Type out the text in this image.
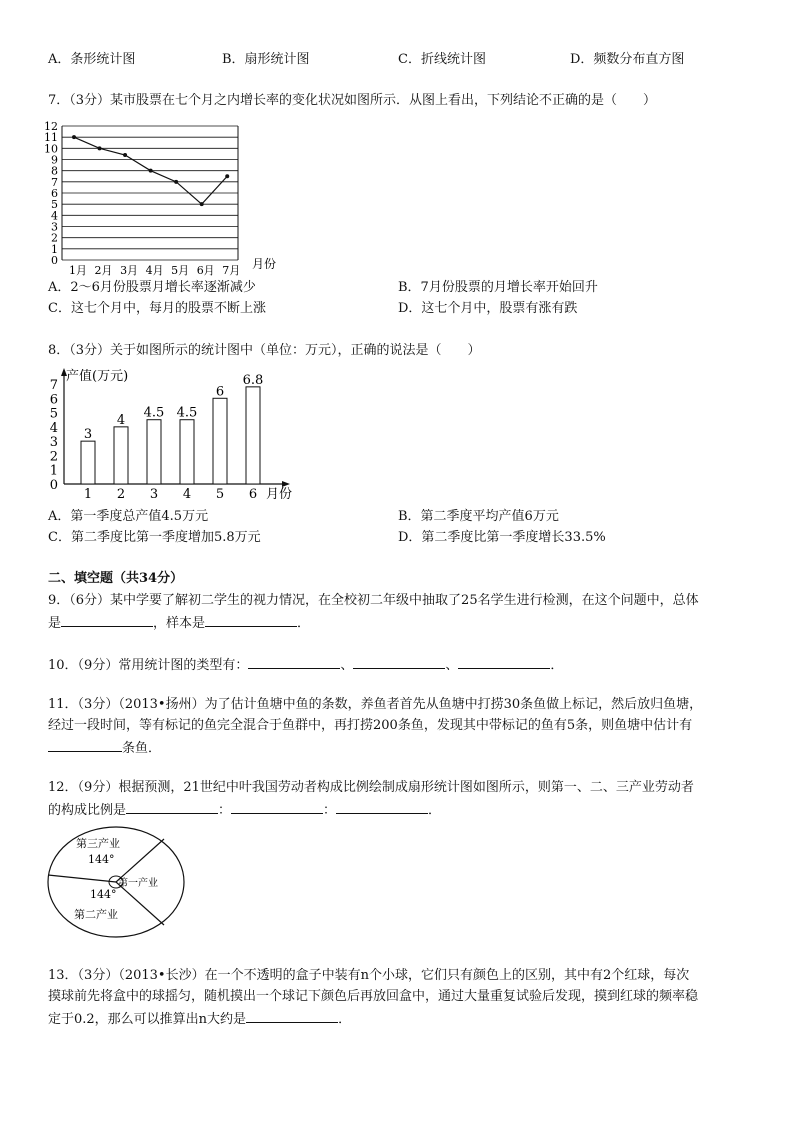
A．条形统计图	B．扇形统计图	C．折线统计图	D．频数分布直方图
7．（3分）某市股票在七个月之内增长率的变化状况如图所示．从图上看出，下列结论不正确的是（　　）
0
1
2
3
4
5
6
7
8
9
10
11
12
1月 2月 3月 4月 5月 6月 7月 月份
A．2～6月份股票月增长率逐渐减少	B．7月份股票的月增长率开始回升
C．这七个月中，每月的股票不断上涨	D．这七个月中，股票有涨有跌
8．（3分）关于如图所示的统计图中（单位：万元），正确的说法是（　　）
0
1
2
3
4
5
6
7
3
4 4.5 4.5
6
6.8
1 2 3 4 5 6
产值(万元)
月份
A．第一季度总产值4.5万元	B．第二季度平均产值6万元
C．第二季度比第一季度增加5.8万元	D．第二季度比第一季度增长33.5%
二、填空题（共34分）
9．（6分）某中学要了解初二学生的视力情况，在全校初二年级中抽取了25名学生进行检测，在这个问题中，总体
是	，样本是	．
10．（9分）常用统计图的类型有：	、	、	．
11．（3分）（2013•扬州）为了估计鱼塘中鱼的条数，养鱼者首先从鱼塘中打捞30条鱼做上标记，然后放归鱼塘，
经过一段时间，等有标记的鱼完全混合于鱼群中，再打捞200条鱼，发现其中带标记的鱼有5条，则鱼塘中估计有
条鱼．
12．（9分）根据预测，21世纪中叶我国劳动者构成比例绘制成扇形统计图如图所示，则第一、二、三产业劳动者
的构成比例是	：	：	．
第三产业
144°
144°
第二产业
第一产业
13．（3分）（2013•长沙）在一个不透明的盒子中装有n个小球，它们只有颜色上的区别，其中有2个红球，每次
摸球前先将盒中的球摇匀，随机摸出一个球记下颜色后再放回盒中，通过大量重复试验后发现，摸到红球的频率稳
定于0.2，那么可以推算出n大约是	．
